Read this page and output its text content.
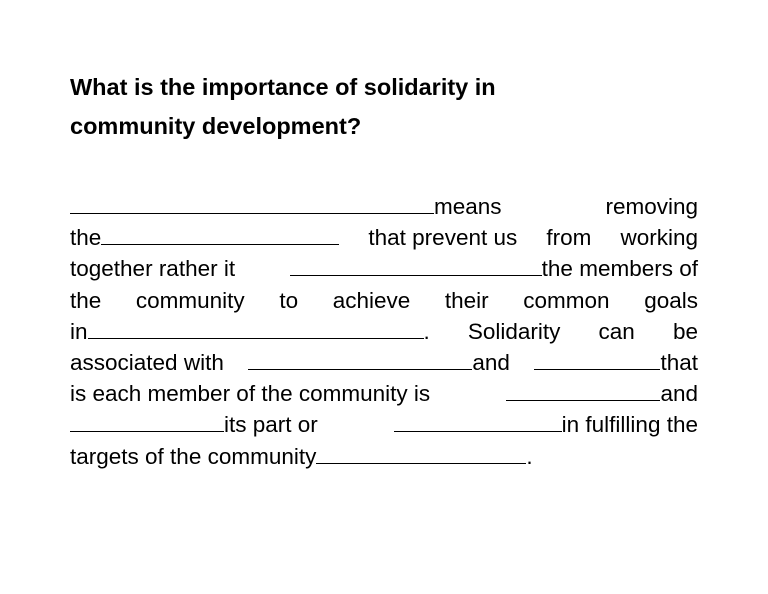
What is the importance of solidarity in
community development?
means	removing
the	that prevent us from working
together rather it	the members of
the community to achieve their common goals
in	. Solidarity can be
associated with	and	that
is each member of the community is	and
its part or	in fulfilling the
targets of the community	.
